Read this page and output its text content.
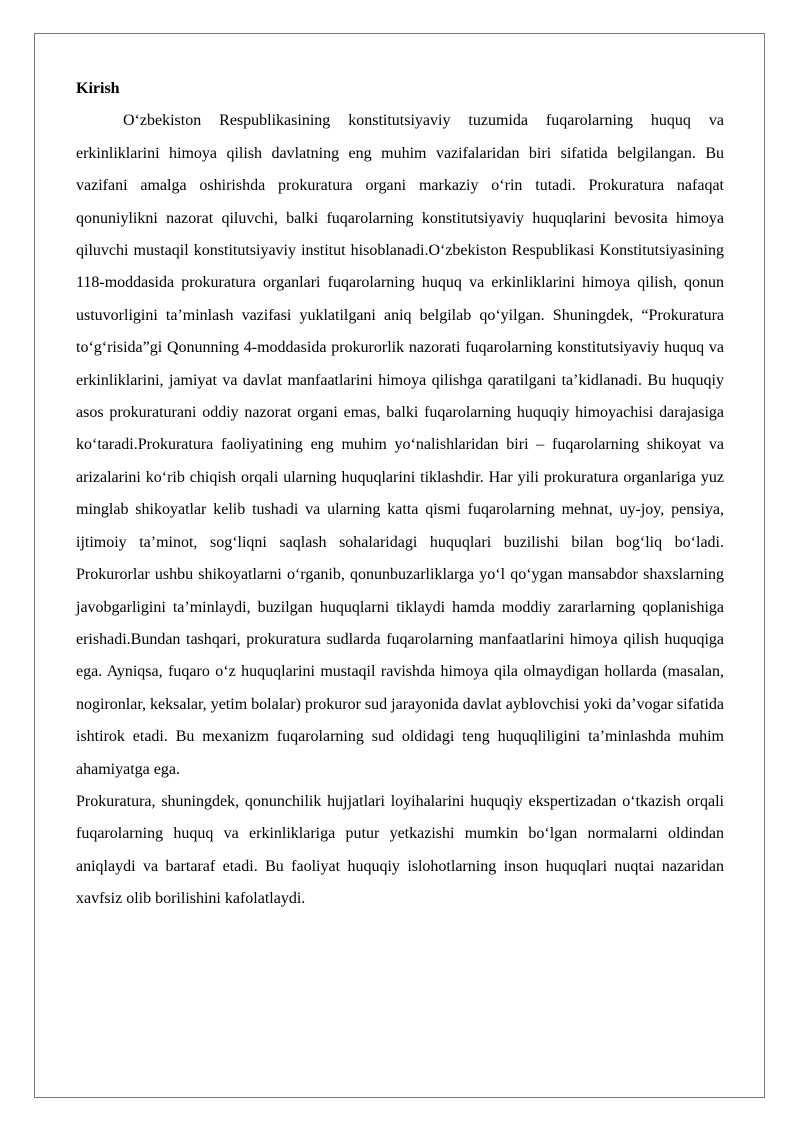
Kirish

O‘zbekiston Respublikasining konstitutsiyaviy tuzumida fuqarolarning huquq va erkinliklarini himoya qilish davlatning eng muhim vazifalaridan biri sifatida belgilangan. Bu vazifani amalga oshirishda prokuratura organi markaziy o‘rin tutadi. Prokuratura nafaqat qonuniylikni nazorat qiluvchi, balki fuqarolarning konstitutsiyaviy huquqlarini bevosita himoya qiluvchi mustaqil konstitutsiyaviy institut hisoblanadi.O‘zbekiston Respublikasi Konstitutsiyasining 118-moddasida prokuratura organlari fuqarolarning huquq va erkinliklarini himoya qilish, qonun ustuvorligini ta’minlash vazifasi yuklatilgani aniq belgilab qo‘yilgan. Shuningdek, “Prokuratura to‘g‘risida”gi Qonunning 4-moddasida prokurorlik nazorati fuqarolarning konstitutsiyaviy huquq va erkinliklarini, jamiyat va davlat manfaatlarini himoya qilishga qaratilgani ta’kidlanadi. Bu huquqiy asos prokuraturani oddiy nazorat organi emas, balki fuqarolarning huquqiy himoyachisi darajasiga ko‘taradi.Prokuratura faoliyatining eng muhim yo‘nalishlaridan biri – fuqarolarning shikoyat va arizalarini ko‘rib chiqish orqali ularning huquqlarini tiklashdir. Har yili prokuratura organlariga yuz minglab shikoyatlar kelib tushadi va ularning katta qismi fuqarolarning mehnat, uy-joy, pensiya, ijtimoiy ta’minot, sog‘liqni saqlash sohalaridagi huquqlari buzilishi bilan bog‘liq bo‘ladi. Prokurorlar ushbu shikoyatlarni o‘rganib, qonunbuzarliklarga yo‘l qo‘ygan mansabdor shaxslarning javobgarligini ta’minlaydi, buzilgan huquqlarni tiklaydi hamda moddiy zararlarning qoplanishiga erishadi.Bundan tashqari, prokuratura sudlarda fuqarolarning manfaatlarini himoya qilish huquqiga ega. Ayniqsa, fuqaro o‘z huquqlarini mustaqil ravishda himoya qila olmaydigan hollarda (masalan, nogironlar, keksalar, yetim bolalar) prokuror sud jarayonida davlat ayblovchisi yoki da’vogar sifatida ishtirok etadi. Bu mexanizm fuqarolarning sud oldidagi teng huquqliligini ta’minlashda muhim ahamiyatga ega.

Prokuratura, shuningdek, qonunchilik hujjatlari loyihalarini huquqiy ekspertizadan o‘tkazish orqali fuqarolarning huquq va erkinliklariga putur yetkazishi mumkin bo‘lgan normalarni oldindan aniqlaydi va bartaraf etadi. Bu faoliyat huquqiy islohotlarning inson huquqlari nuqtai nazaridan xavfsiz olib borilishini kafolatlaydi.
